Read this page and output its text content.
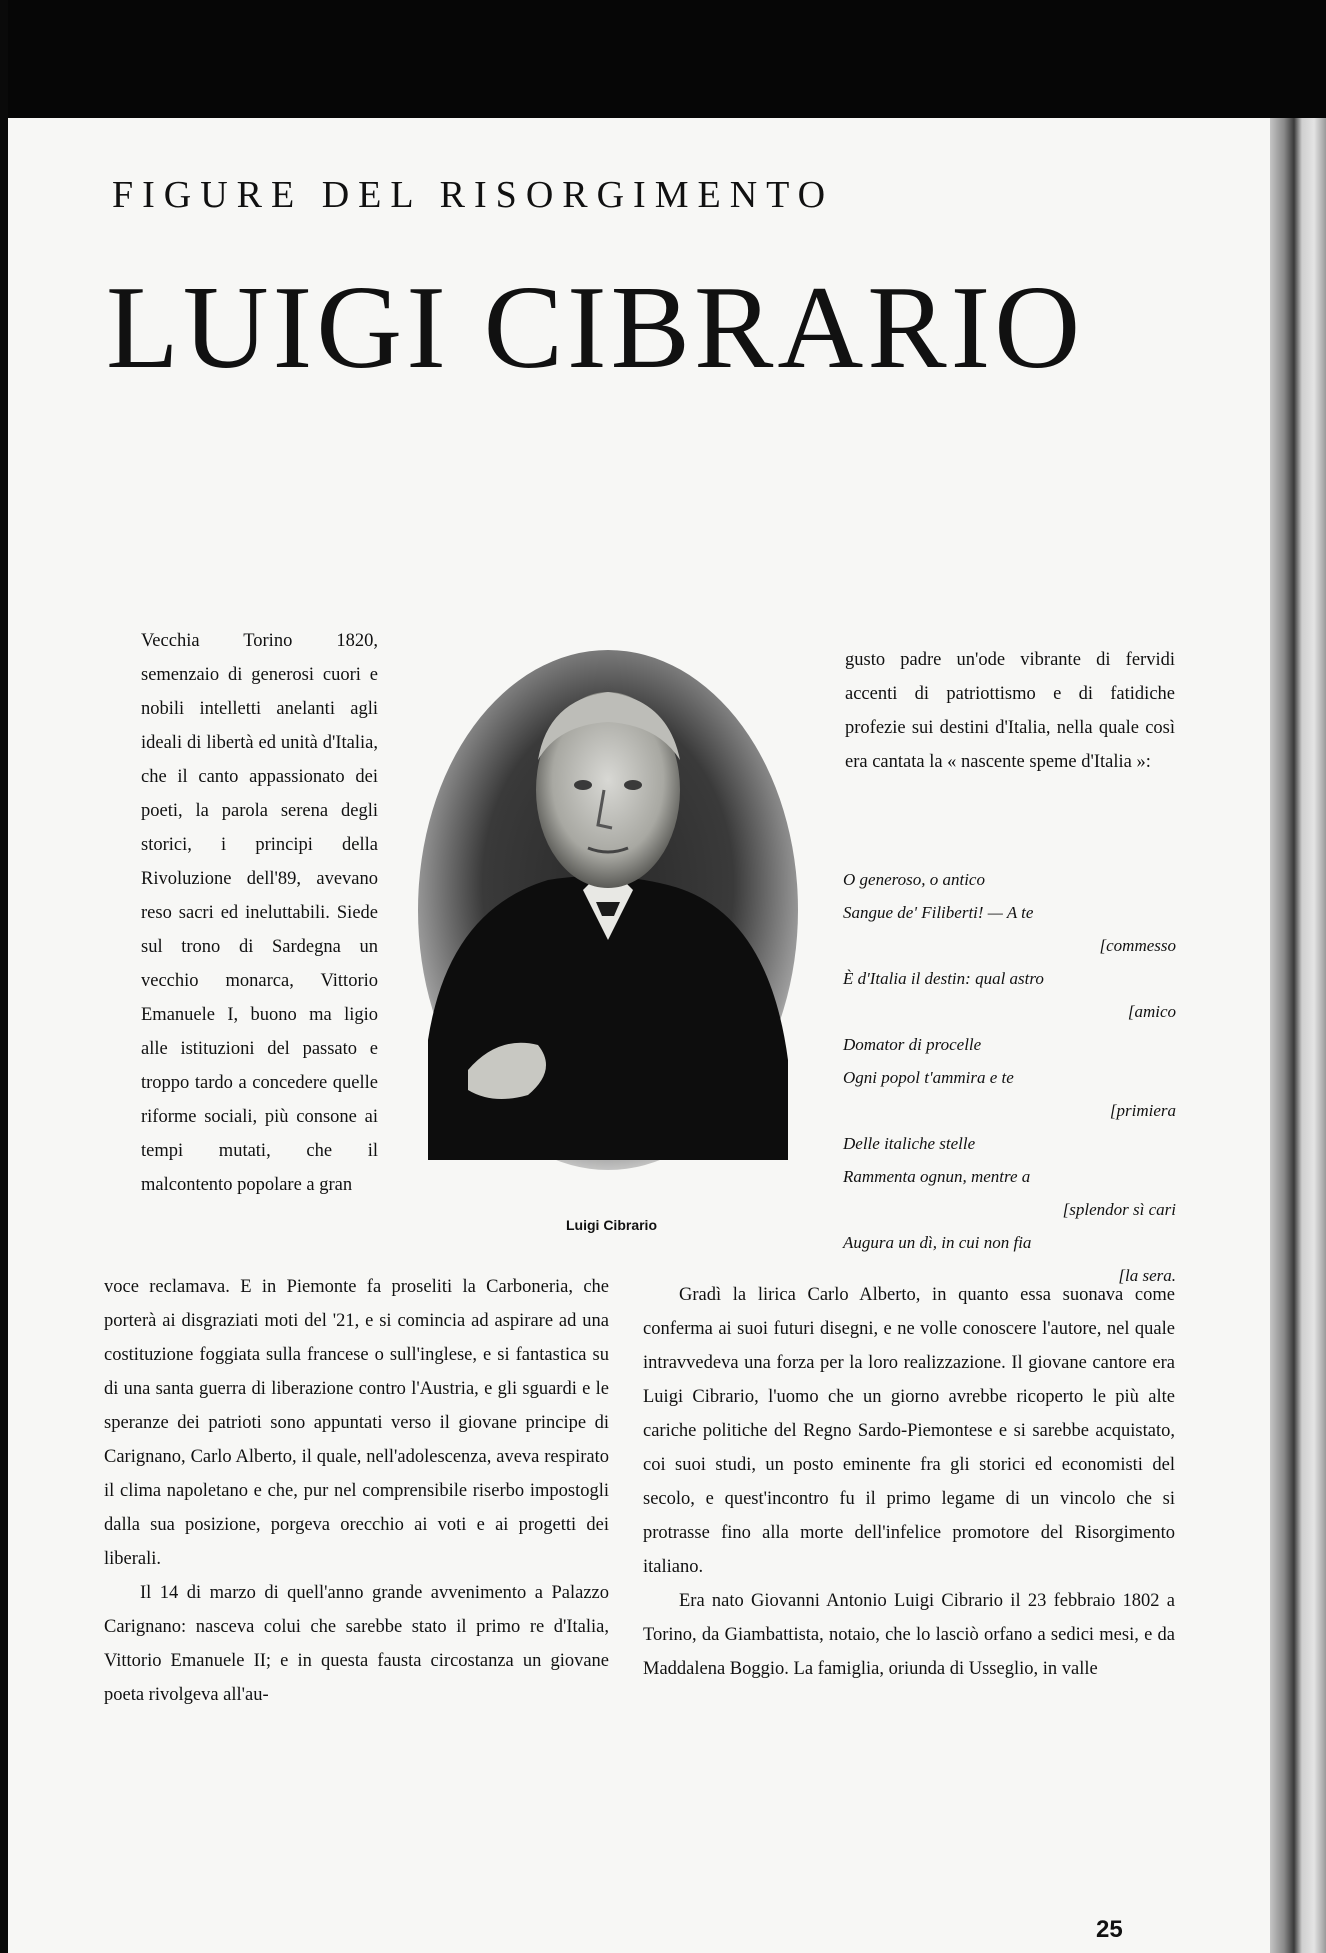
FIGURE DEL RISORGIMENTO
LUIGI CIBRARIO

Vecchia Torino 1820, semenzaio di generosi cuori e nobili intelletti anelanti agli ideali di libertà ed unità d'Italia, che il canto appassionato dei poeti, la parola serena degli storici, i principi della Rivoluzione dell'89, avevano reso sacri ed ineluttabili. Siede sul trono di Sardegna un vecchio monarca, Vittorio Emanuele I, buono ma ligio alle istituzioni del passato e troppo tardo a concedere quelle riforme sociali, più consone ai tempi mutati, che il malcontento popolare a gran

Luigi Cibrario

voce reclamava. E in Piemonte fa proseliti la Carboneria, che porterà ai disgraziati moti del '21, e si comincia ad aspirare ad una costituzione foggiata sulla francese o sull'inglese, e si fantastica su di una santa guerra di liberazione contro l'Austria, e gli sguardi e le speranze dei patrioti sono appuntati verso il giovane principe di Carignano, Carlo Alberto, il quale, nell'adolescenza, aveva respirato il clima napoletano e che, pur nel comprensibile riserbo impostogli dalla sua posizione, porgeva orecchio ai voti e ai progetti dei liberali.

Il 14 di marzo di quell'anno grande avvenimento a Palazzo Carignano: nasceva colui che sarebbe stato il primo re d'Italia, Vittorio Emanuele II; e in questa fausta circostanza un giovane poeta rivolgeva all'au-

gusto padre un'ode vibrante di fervidi accenti di patriottismo e di fatidiche profezie sui destini d'Italia, nella quale così era cantata la « nascente speme d'Italia »:

O generoso, o antico
Sangue de' Filiberti! — A te
[commesso
È d'Italia il destin: qual astro
[amico
Domator di procelle
Ogni popol t'ammira e te
[primiera
Delle italiche stelle
Rammenta ognun, mentre a
[splendor sì cari
Augura un dì, in cui non fia
[la sera.

Gradì la lirica Carlo Alberto, in quanto essa suonava come conferma ai suoi futuri disegni, e ne volle conoscere l'autore, nel quale intravvedeva una forza per la loro realizzazione. Il giovane cantore era Luigi Cibrario, l'uomo che un giorno avrebbe ricoperto le più alte cariche politiche del Regno Sardo-Piemontese e si sarebbe acquistato, coi suoi studi, un posto eminente fra gli storici ed economisti del secolo, e quest'incontro fu il primo legame di un vincolo che si protrasse fino alla morte dell'infelice promotore del Risorgimento italiano.

Era nato Giovanni Antonio Luigi Cibrario il 23 febbraio 1802 a Torino, da Giambattista, notaio, che lo lasciò orfano a sedici mesi, e da Maddalena Boggio. La famiglia, oriunda di Usseglio, in valle

25
